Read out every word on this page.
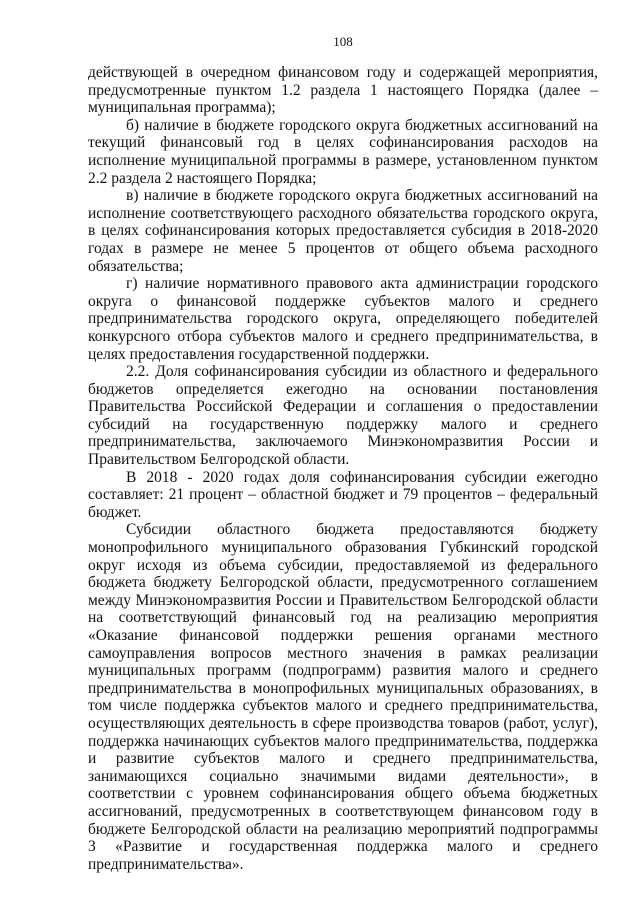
108

действующей в очередном финансовом году и содержащей мероприятия, предусмотренные пунктом 1.2 раздела 1 настоящего Порядка (далее – муниципальная программа);

б) наличие в бюджете городского округа бюджетных ассигнований на текущий финансовый год в целях софинансирования расходов на исполнение муниципальной программы в размере, установленном пунктом 2.2 раздела 2 настоящего Порядка;

в) наличие в бюджете городского округа бюджетных ассигнований на исполнение соответствующего расходного обязательства городского округа, в целях софинансирования которых предоставляется субсидия в 2018-2020 годах в размере не менее 5 процентов от общего объема расходного обязательства;

г) наличие нормативного правового акта администрации городского округа о финансовой поддержке субъектов малого и среднего предпринимательства городского округа, определяющего победителей конкурсного отбора субъектов малого и среднего предпринимательства, в целях предоставления государственной поддержки.

2.2. Доля софинансирования субсидии из областного и федерального бюджетов определяется ежегодно на основании постановления Правительства Российской Федерации и соглашения о предоставлении субсидий на государственную поддержку малого и среднего предпринимательства, заключаемого Минэкономразвития России и Правительством Белгородской области.

В 2018 - 2020 годах доля софинансирования субсидии ежегодно составляет: 21 процент – областной бюджет и 79 процентов – федеральный бюджет.

Субсидии областного бюджета предоставляются бюджету монопрофильного муниципального образования Губкинский городской округ исходя из объема субсидии, предоставляемой из федерального бюджета бюджету Белгородской области, предусмотренного соглашением между Минэкономразвития России и Правительством Белгородской области на соответствующий финансовый год на реализацию мероприятия «Оказание финансовой поддержки решения органами местного самоуправления вопросов местного значения в рамках реализации муниципальных программ (подпрограмм) развития малого и среднего предпринимательства в монопрофильных муниципальных образованиях, в том числе поддержка субъектов малого и среднего предпринимательства, осуществляющих деятельность в сфере производства товаров (работ, услуг), поддержка начинающих субъектов малого предпринимательства, поддержка и развитие субъектов малого и среднего предпринимательства, занимающихся социально значимыми видами деятельности», в соответствии с уровнем софинансирования общего объема бюджетных ассигнований, предусмотренных в соответствующем финансовом году в бюджете Белгородской области на реализацию мероприятий подпрограммы 3 «Развитие и государственная поддержка малого и среднего предпринимательства».
